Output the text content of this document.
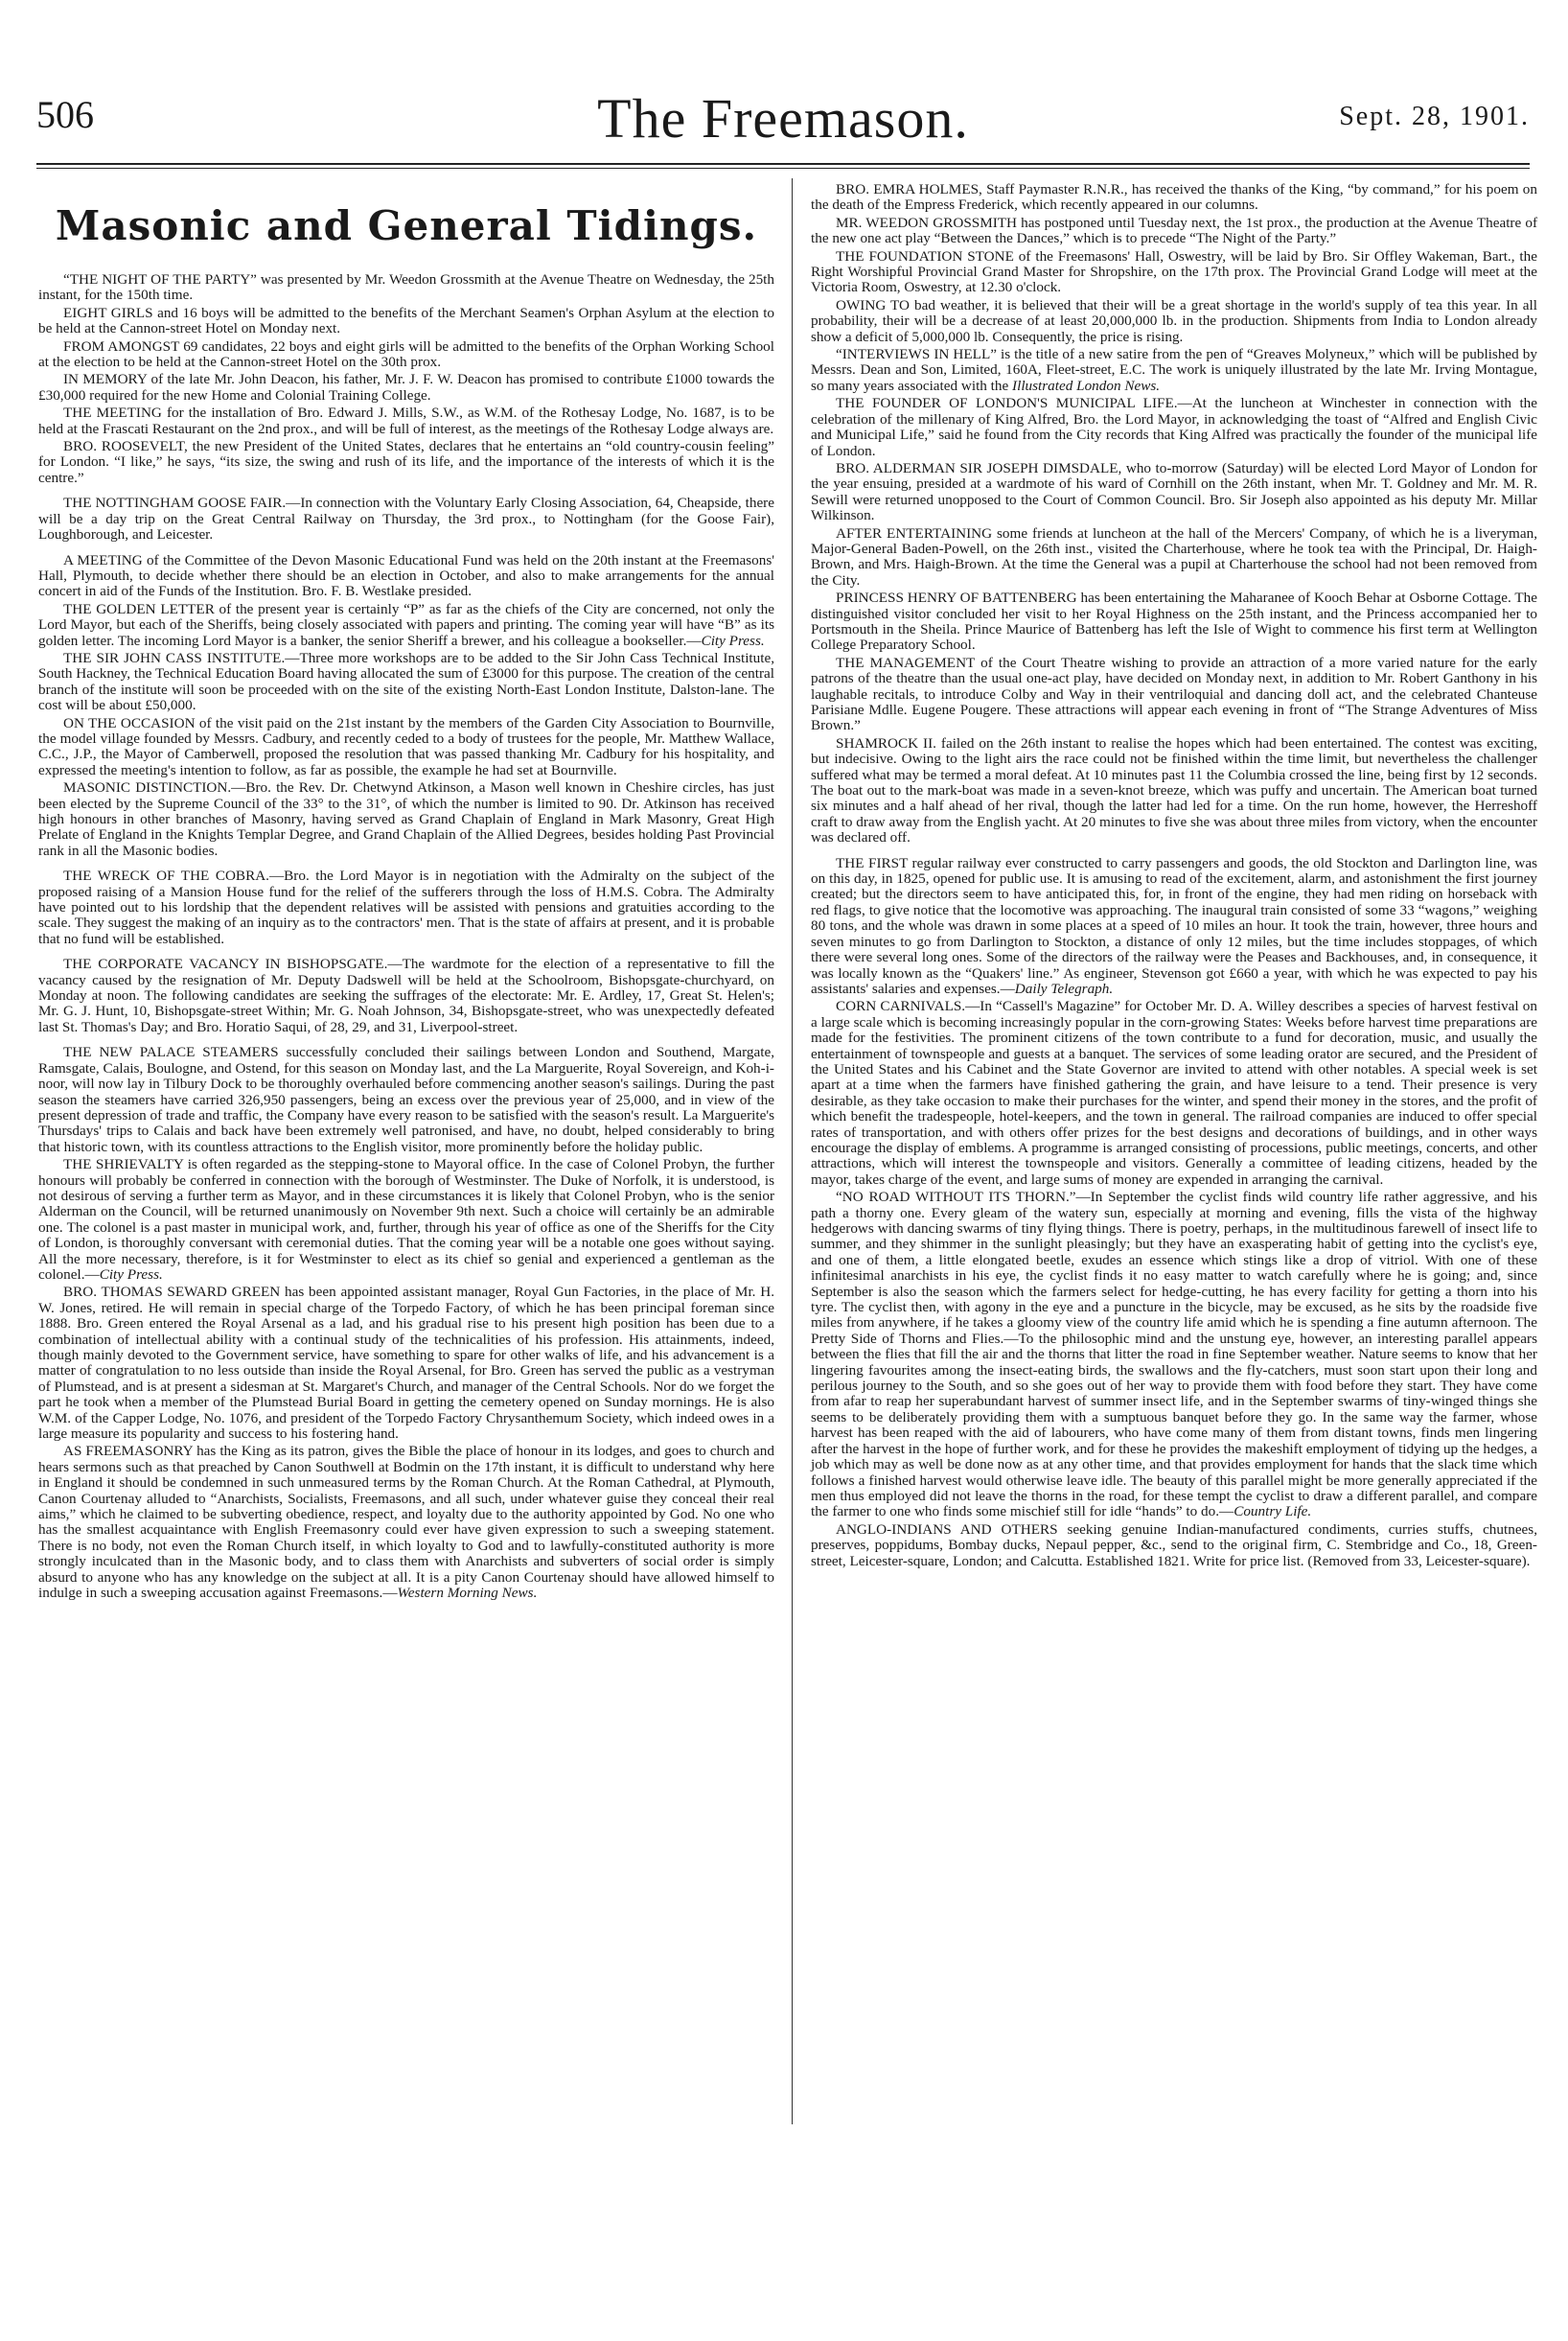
506	The Freemason.	Sept. 28, 1901.
Masonic and General Tidings.

“THE NIGHT OF THE PARTY” was presented by Mr. Weedon Grossmith at the Avenue Theatre on Wednesday, the 25th instant, for the 150th time.

EIGHT GIRLS and 16 boys will be admitted to the benefits of the Merchant Seamen's Orphan Asylum at the election to be held at the Cannon-street Hotel on Monday next.

FROM AMONGST 69 candidates, 22 boys and eight girls will be admitted to the benefits of the Orphan Working School at the election to be held at the Cannon-street Hotel on the 30th prox.

IN MEMORY of the late Mr. John Deacon, his father, Mr. J. F. W. Deacon has promised to contribute £1000 towards the £30,000 required for the new Home and Colonial Training College.

THE MEETING for the installation of Bro. Edward J. Mills, S.W., as W.M. of the Rothesay Lodge, No. 1687, is to be held at the Frascati Restaurant on the 2nd prox., and will be full of interest, as the meetings of the Rothesay Lodge always are.

BRO. ROOSEVELT, the new President of the United States, declares that he entertains an “old country-cousin feeling” for London. “I like,” he says, “its size, the swing and rush of its life, and the importance of the interests of which it is the centre.”

THE NOTTINGHAM GOOSE FAIR.—In connection with the Voluntary Early Closing Association, 64, Cheapside, there will be a day trip on the Great Central Railway on Thursday, the 3rd prox., to Nottingham (for the Goose Fair), Loughborough, and Leicester.

A MEETING of the Committee of the Devon Masonic Educational Fund was held on the 20th instant at the Freemasons' Hall, Plymouth, to decide whether there should be an election in October, and also to make arrangements for the annual concert in aid of the Funds of the Institution. Bro. F. B. Westlake presided.

THE GOLDEN LETTER of the present year is certainly “P” as far as the chiefs of the City are concerned, not only the Lord Mayor, but each of the Sheriffs, being closely associated with papers and printing. The coming year will have “B” as its golden letter. The incoming Lord Mayor is a banker, the senior Sheriff a brewer, and his colleague a bookseller.—City Press.

THE SIR JOHN CASS INSTITUTE.—Three more workshops are to be added to the Sir John Cass Technical Institute, South Hackney, the Technical Education Board having allocated the sum of £3000 for this purpose. The creation of the central branch of the institute will soon be proceeded with on the site of the existing North-East London Institute, Dalston-lane. The cost will be about £50,000.

ON THE OCCASION of the visit paid on the 21st instant by the members of the Garden City Association to Bournville, the model village founded by Messrs. Cadbury, and recently ceded to a body of trustees for the people, Mr. Matthew Wallace, C.C., J.P., the Mayor of Camberwell, proposed the resolution that was passed thanking Mr. Cadbury for his hospitality, and expressed the meeting's intention to follow, as far as possible, the example he had set at Bournville.

MASONIC DISTINCTION.—Bro. the Rev. Dr. Chetwynd Atkinson, a Mason well known in Cheshire circles, has just been elected by the Supreme Council of the 33° to the 31°, of which the number is limited to 90. Dr. Atkinson has received high honours in other branches of Masonry, having served as Grand Chaplain of England in Mark Masonry, Great High Prelate of England in the Knights Templar Degree, and Grand Chaplain of the Allied Degrees, besides holding Past Provincial rank in all the Masonic bodies.

THE WRECK OF THE COBRA.—Bro. the Lord Mayor is in negotiation with the Admiralty on the subject of the proposed raising of a Mansion House fund for the relief of the sufferers through the loss of H.M.S. Cobra. The Admiralty have pointed out to his lordship that the dependent relatives will be assisted with pensions and gratuities according to the scale. They suggest the making of an inquiry as to the contractors' men. That is the state of affairs at present, and it is probable that no fund will be established.

THE CORPORATE VACANCY IN BISHOPSGATE.—The wardmote for the election of a representative to fill the vacancy caused by the resignation of Mr. Deputy Dadswell will be held at the Schoolroom, Bishopsgate-churchyard, on Monday at noon. The following candidates are seeking the suffrages of the electorate: Mr. E. Ardley, 17, Great St. Helen's; Mr. G. J. Hunt, 10, Bishopsgate-street Within; Mr. G. Noah Johnson, 34, Bishopsgate-street, who was unexpectedly defeated last St. Thomas's Day; and Bro. Horatio Saqui, of 28, 29, and 31, Liverpool-street.

THE NEW PALACE STEAMERS successfully concluded their sailings between London and Southend, Margate, Ramsgate, Calais, Boulogne, and Ostend, for this season on Monday last, and the La Marguerite, Royal Sovereign, and Koh-i-noor, will now lay in Tilbury Dock to be thoroughly overhauled before commencing another season's sailings. During the past season the steamers have carried 326,950 passengers, being an excess over the previous year of 25,000, and in view of the present depression of trade and traffic, the Company have every reason to be satisfied with the season's result. La Marguerite's Thursdays' trips to Calais and back have been extremely well patronised, and have, no doubt, helped considerably to bring that historic town, with its countless attractions to the English visitor, more prominently before the holiday public.

THE SHRIEVALTY is often regarded as the stepping-stone to Mayoral office. In the case of Colonel Probyn, the further honours will probably be conferred in connection with the borough of Westminster. The Duke of Norfolk, it is understood, is not desirous of serving a further term as Mayor, and in these circumstances it is likely that Colonel Probyn, who is the senior Alderman on the Council, will be returned unanimously on November 9th next. Such a choice will certainly be an admirable one. The colonel is a past master in municipal work, and, further, through his year of office as one of the Sheriffs for the City of London, is thoroughly conversant with ceremonial duties. That the coming year will be a notable one goes without saying. All the more necessary, therefore, is it for Westminster to elect as its chief so genial and experienced a gentleman as the colonel.—City Press.

BRO. THOMAS SEWARD GREEN has been appointed assistant manager, Royal Gun Factories, in the place of Mr. H. W. Jones, retired. He will remain in special charge of the Torpedo Factory, of which he has been principal foreman since 1888. Bro. Green entered the Royal Arsenal as a lad, and his gradual rise to his present high position has been due to a combination of intellectual ability with a continual study of the technicalities of his profession. His attainments, indeed, though mainly devoted to the Government service, have something to spare for other walks of life, and his advancement is a matter of congratulation to no less outside than inside the Royal Arsenal, for Bro. Green has served the public as a vestryman of Plumstead, and is at present a sidesman at St. Margaret's Church, and manager of the Central Schools. Nor do we forget the part he took when a member of the Plumstead Burial Board in getting the cemetery opened on Sunday mornings. He is also W.M. of the Capper Lodge, No. 1076, and president of the Torpedo Factory Chrysanthemum Society, which indeed owes in a large measure its popularity and success to his fostering hand.

AS FREEMASONRY has the King as its patron, gives the Bible the place of honour in its lodges, and goes to church and hears sermons such as that preached by Canon Southwell at Bodmin on the 17th instant, it is difficult to understand why here in England it should be condemned in such unmeasured terms by the Roman Church. At the Roman Cathedral, at Plymouth, Canon Courtenay alluded to “Anarchists, Socialists, Freemasons, and all such, under whatever guise they conceal their real aims,” which he claimed to be subverting obedience, respect, and loyalty due to the authority appointed by God. No one who has the smallest acquaintance with English Freemasonry could ever have given expression to such a sweeping statement. There is no body, not even the Roman Church itself, in which loyalty to God and to lawfully-constituted authority is more strongly inculcated than in the Masonic body, and to class them with Anarchists and subverters of social order is simply absurd to anyone who has any knowledge on the subject at all. It is a pity Canon Courtenay should have allowed himself to indulge in such a sweeping accusation against Freemasons.—Western Morning News.

BRO. EMRA HOLMES, Staff Paymaster R.N.R., has received the thanks of the King, “by command,” for his poem on the death of the Empress Frederick, which recently appeared in our columns.

MR. WEEDON GROSSMITH has postponed until Tuesday next, the 1st prox., the production at the Avenue Theatre of the new one act play “Between the Dances,” which is to precede “The Night of the Party.”

THE FOUNDATION STONE of the Freemasons' Hall, Oswestry, will be laid by Bro. Sir Offley Wakeman, Bart., the Right Worshipful Provincial Grand Master for Shropshire, on the 17th prox. The Provincial Grand Lodge will meet at the Victoria Room, Oswestry, at 12.30 o'clock.

OWING TO bad weather, it is believed that their will be a great shortage in the world's supply of tea this year. In all probability, their will be a decrease of at least 20,000,000 lb. in the production. Shipments from India to London already show a deficit of 5,000,000 lb. Consequently, the price is rising.

“INTERVIEWS IN HELL” is the title of a new satire from the pen of “Greaves Molyneux,” which will be published by Messrs. Dean and Son, Limited, 160A, Fleet-street, E.C. The work is uniquely illustrated by the late Mr. Irving Montague, so many years associated with the Illustrated London News.

THE FOUNDER OF LONDON'S MUNICIPAL LIFE.—At the luncheon at Winchester in connection with the celebration of the millenary of King Alfred, Bro. the Lord Mayor, in acknowledging the toast of “Alfred and English Civic and Municipal Life,” said he found from the City records that King Alfred was practically the founder of the municipal life of London.

BRO. ALDERMAN SIR JOSEPH DIMSDALE, who to-morrow (Saturday) will be elected Lord Mayor of London for the year ensuing, presided at a wardmote of his ward of Cornhill on the 26th instant, when Mr. T. Goldney and Mr. M. R. Sewill were returned unopposed to the Court of Common Council. Bro. Sir Joseph also appointed as his deputy Mr. Millar Wilkinson.

AFTER ENTERTAINING some friends at luncheon at the hall of the Mercers' Company, of which he is a liveryman, Major-General Baden-Powell, on the 26th inst., visited the Charterhouse, where he took tea with the Principal, Dr. Haigh-Brown, and Mrs. Haigh-Brown. At the time the General was a pupil at Charterhouse the school had not been removed from the City.

PRINCESS HENRY OF BATTENBERG has been entertaining the Maharanee of Kooch Behar at Osborne Cottage. The distinguished visitor concluded her visit to her Royal Highness on the 25th instant, and the Princess accompanied her to Portsmouth in the Sheila. Prince Maurice of Battenberg has left the Isle of Wight to commence his first term at Wellington College Preparatory School.

THE MANAGEMENT of the Court Theatre wishing to provide an attraction of a more varied nature for the early patrons of the theatre than the usual one-act play, have decided on Monday next, in addition to Mr. Robert Ganthony in his laughable recitals, to introduce Colby and Way in their ventriloquial and dancing doll act, and the celebrated Chanteuse Parisiane Mdlle. Eugene Pougere. These attractions will appear each evening in front of “The Strange Adventures of Miss Brown.”

SHAMROCK II. failed on the 26th instant to realise the hopes which had been entertained. The contest was exciting, but indecisive. Owing to the light airs the race could not be finished within the time limit, but nevertheless the challenger suffered what may be termed a moral defeat. At 10 minutes past 11 the Columbia crossed the line, being first by 12 seconds. The boat out to the mark-boat was made in a seven-knot breeze, which was puffy and uncertain. The American boat turned six minutes and a half ahead of her rival, though the latter had led for a time. On the run home, however, the Herreshoff craft to draw away from the English yacht. At 20 minutes to five she was about three miles from victory, when the encounter was declared off.

THE FIRST regular railway ever constructed to carry passengers and goods, the old Stockton and Darlington line, was on this day, in 1825, opened for public use. It is amusing to read of the excitement, alarm, and astonishment the first journey created; but the directors seem to have anticipated this, for, in front of the engine, they had men riding on horseback with red flags, to give notice that the locomotive was approaching. The inaugural train consisted of some 33 “wagons,” weighing 80 tons, and the whole was drawn in some places at a speed of 10 miles an hour. It took the train, however, three hours and seven minutes to go from Darlington to Stockton, a distance of only 12 miles, but the time includes stoppages, of which there were several long ones. Some of the directors of the railway were the Peases and Backhouses, and, in consequence, it was locally known as the “Quakers' line.” As engineer, Stevenson got £660 a year, with which he was expected to pay his assistants' salaries and expenses.—Daily Telegraph.

CORN CARNIVALS.—In “Cassell's Magazine” for October Mr. D. A. Willey describes a species of harvest festival on a large scale which is becoming increasingly popular in the corn-growing States: Weeks before harvest time preparations are made for the festivities. The prominent citizens of the town contribute to a fund for decoration, music, and usually the entertainment of townspeople and guests at a banquet. The services of some leading orator are secured, and the President of the United States and his Cabinet and the State Governor are invited to attend with other notables. A special week is set apart at a time when the farmers have finished gathering the grain, and have leisure to a tend. Their presence is very desirable, as they take occasion to make their purchases for the winter, and spend their money in the stores, and the profit of which benefit the tradespeople, hotel-keepers, and the town in general. The railroad companies are induced to offer special rates of transportation, and with others offer prizes for the best designs and decorations of buildings, and in other ways encourage the display of emblems. A programme is arranged consisting of processions, public meetings, concerts, and other attractions, which will interest the townspeople and visitors. Generally a committee of leading citizens, headed by the mayor, takes charge of the event, and large sums of money are expended in arranging the carnival.

“NO ROAD WITHOUT ITS THORN.”—In September the cyclist finds wild country life rather aggressive, and his path a thorny one. Every gleam of the watery sun, especially at morning and evening, fills the vista of the highway hedgerows with dancing swarms of tiny flying things. There is poetry, perhaps, in the multitudinous farewell of insect life to summer, and they shimmer in the sunlight pleasingly; but they have an exasperating habit of getting into the cyclist's eye, and one of them, a little elongated beetle, exudes an essence which stings like a drop of vitriol. With one of these infinitesimal anarchists in his eye, the cyclist finds it no easy matter to watch carefully where he is going; and, since September is also the season which the farmers select for hedge-cutting, he has every facility for getting a thorn into his tyre. The cyclist then, with agony in the eye and a puncture in the bicycle, may be excused, as he sits by the roadside five miles from anywhere, if he takes a gloomy view of the country life amid which he is spending a fine autumn afternoon. The Pretty Side of Thorns and Flies.—To the philosophic mind and the unstung eye, however, an interesting parallel appears between the flies that fill the air and the thorns that litter the road in fine September weather. Nature seems to know that her lingering favourites among the insect-eating birds, the swallows and the fly-catchers, must soon start upon their long and perilous journey to the South, and so she goes out of her way to provide them with food before they start. They have come from afar to reap her superabundant harvest of summer insect life, and in the September swarms of tiny-winged things she seems to be deliberately providing them with a sumptuous banquet before they go. In the same way the farmer, whose harvest has been reaped with the aid of labourers, who have come many of them from distant towns, finds men lingering after the harvest in the hope of further work, and for these he provides the makeshift employment of tidying up the hedges, a job which may as well be done now as at any other time, and that provides employment for hands that the slack time which follows a finished harvest would otherwise leave idle. The beauty of this parallel might be more generally appreciated if the men thus employed did not leave the thorns in the road, for these tempt the cyclist to draw a different parallel, and compare the farmer to one who finds some mischief still for idle “hands” to do.—Country Life.

ANGLO-INDIANS AND OTHERS seeking genuine Indian-manufactured condiments, curries stuffs, chutnees, preserves, poppidums, Bombay ducks, Nepaul pepper, &c., send to the original firm, C. Stembridge and Co., 18, Green-street, Leicester-square, London; and Calcutta. Established 1821. Write for price list. (Removed from 33, Leicester-square).
